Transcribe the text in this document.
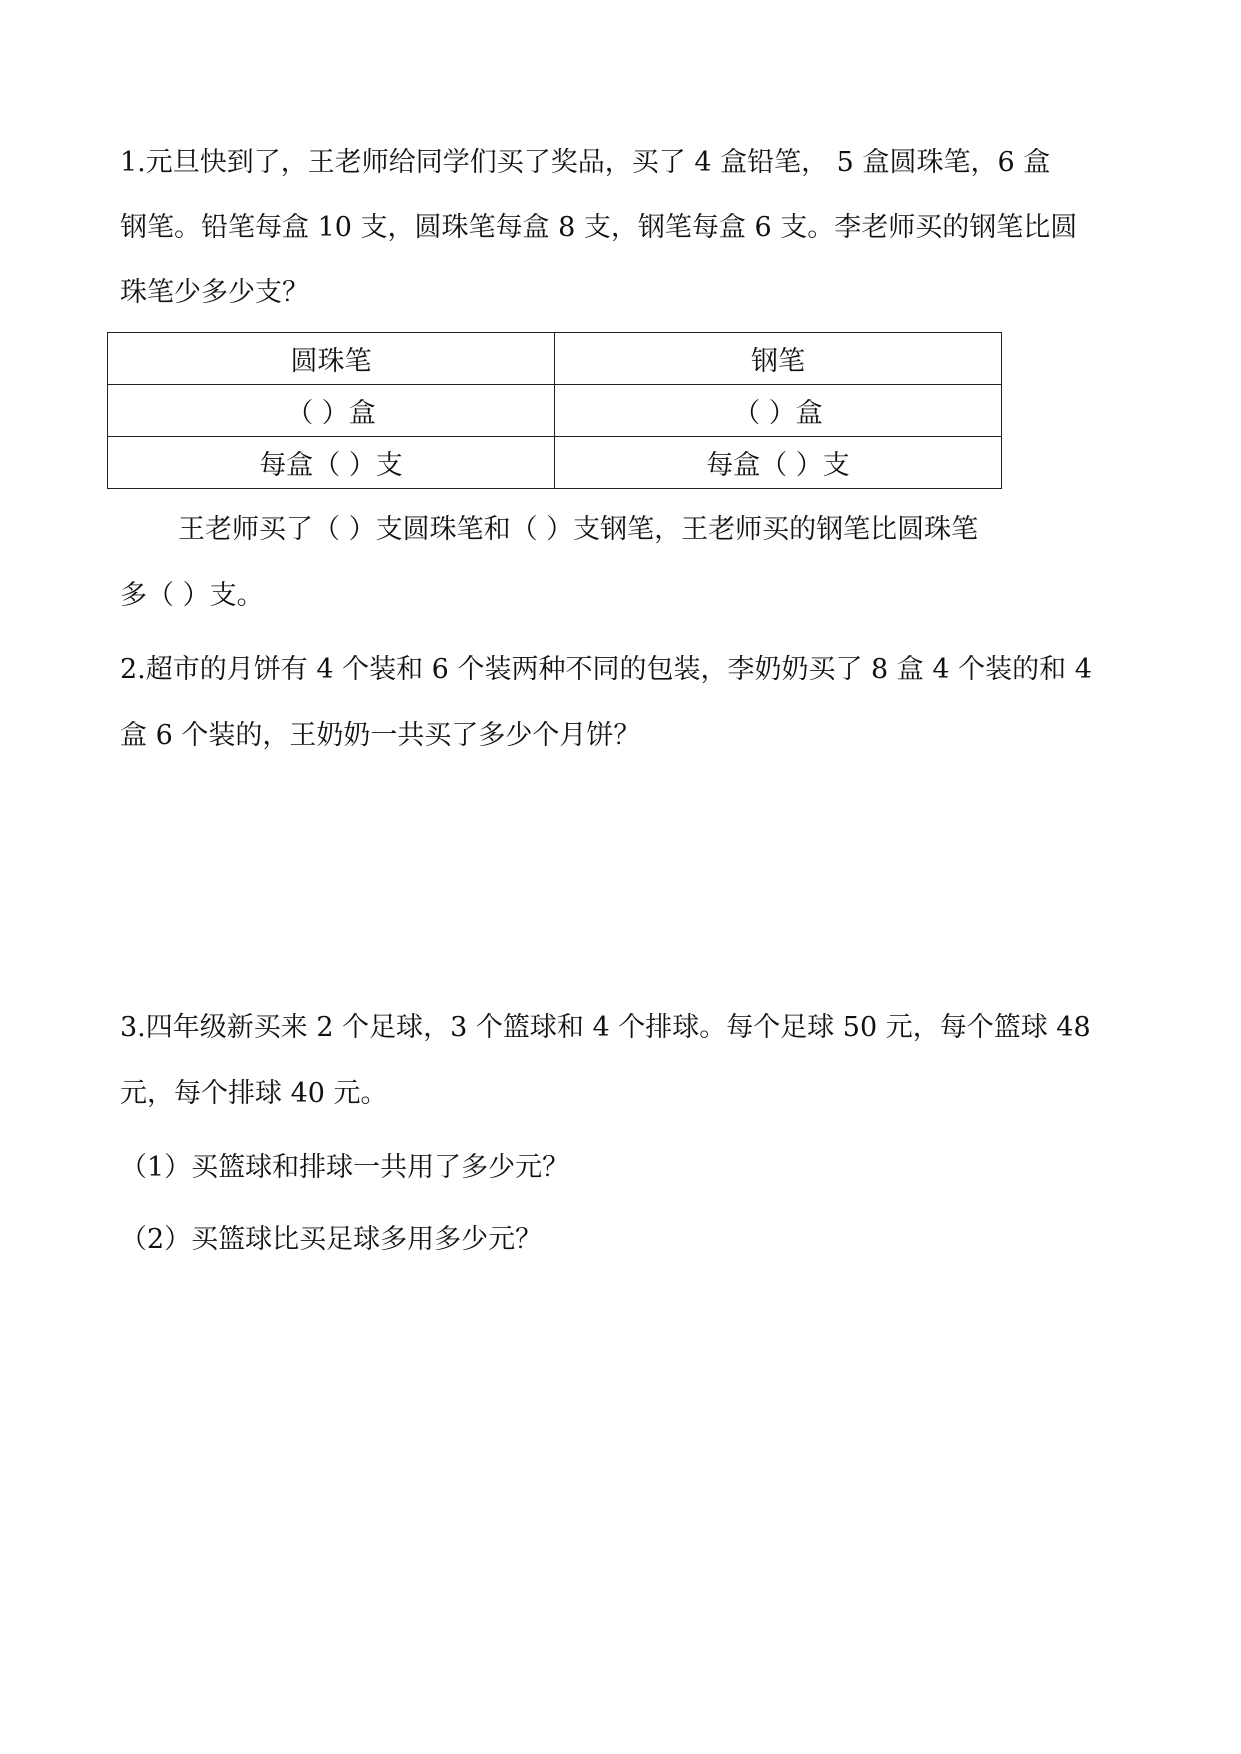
1.元旦快到了，王老师给同学们买了奖品，买了 4 盒铅笔， 5 盒圆珠笔，6 盒
钢笔。铅笔每盒 10 支，圆珠笔每盒 8 支，钢笔每盒 6 支。李老师买的钢笔比圆
珠笔少多少支？
圆珠笔	钢笔
（ ）盒	（ ）盒
每盒（ ）支	每盒（ ）支
王老师买了（ ）支圆珠笔和（ ）支钢笔，王老师买的钢笔比圆珠笔
多（ ）支。
2.超市的月饼有 4 个装和 6 个装两种不同的包装，李奶奶买了 8 盒 4 个装的和 4
盒 6 个装的，王奶奶一共买了多少个月饼？
3.四年级新买来 2 个足球，3 个篮球和 4 个排球。每个足球 50 元，每个篮球 48
元，每个排球 40 元。
（1）买篮球和排球一共用了多少元？
（2）买篮球比买足球多用多少元？
